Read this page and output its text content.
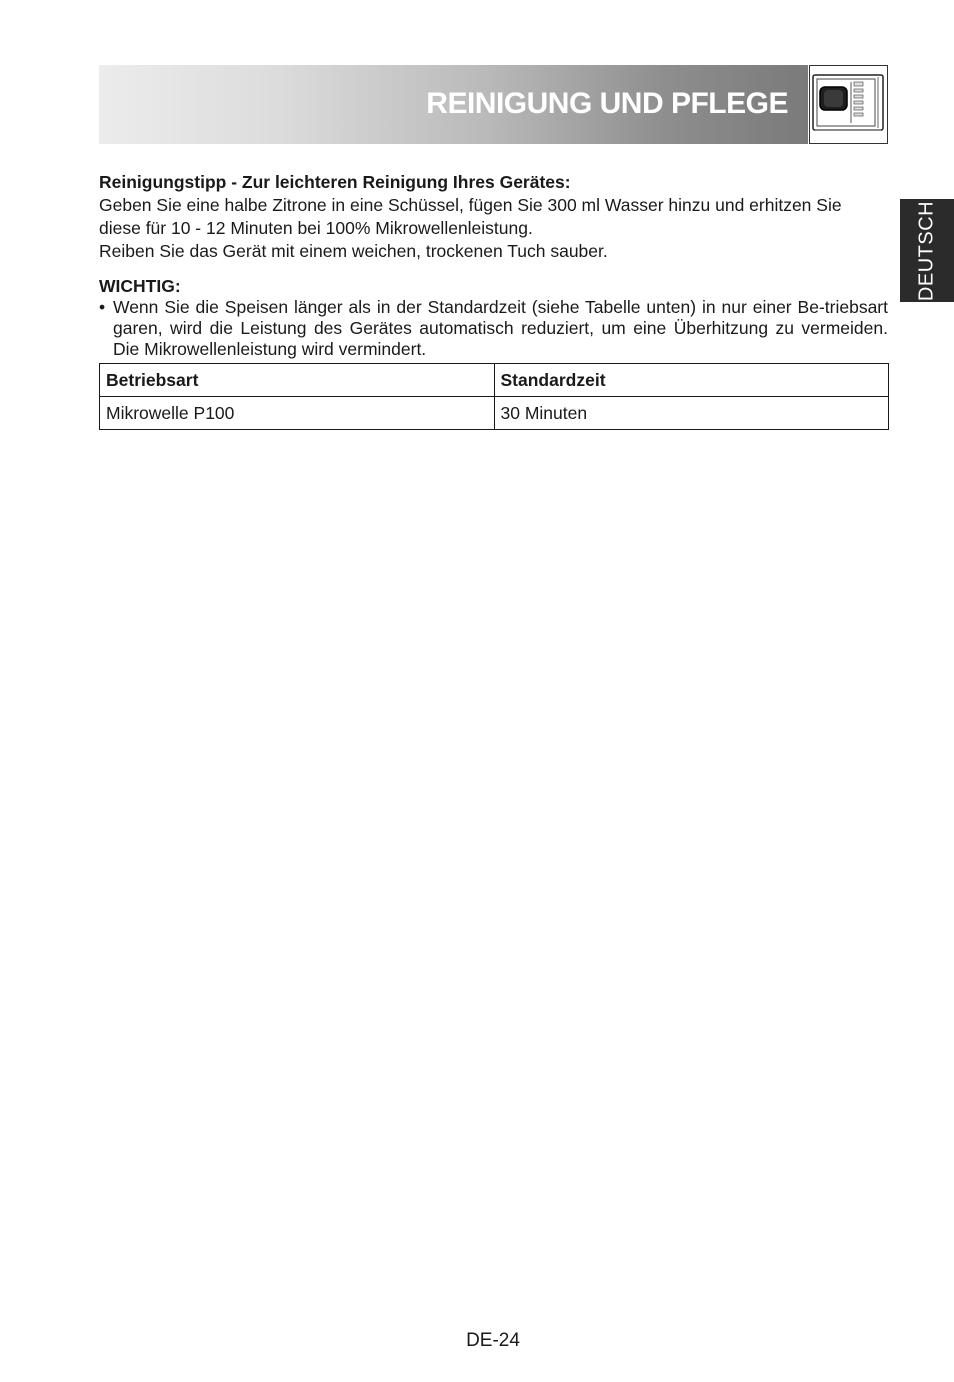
REINIGUNG UND PFLEGE
DEUTSCH

Reinigungstipp - Zur leichteren Reinigung Ihres Gerätes:

Geben Sie eine halbe Zitrone in eine Schüssel, fügen Sie 300 ml Wasser hinzu und erhitzen Sie diese für 10 - 12 Minuten bei 100% Mikrowellenleistung.

Reiben Sie das Gerät mit einem weichen, trockenen Tuch sauber.

WICHTIG:

• Wenn Sie die Speisen länger als in der Standardzeit (siehe Tabelle unten) in nur einer Be-triebsart garen, wird die Leistung des Gerätes automatisch reduziert, um eine Überhitzung zu vermeiden. Die Mikrowellenleistung wird vermindert.
Betriebsart	Standardzeit
Mikrowelle P100	30 Minuten
DE-24
